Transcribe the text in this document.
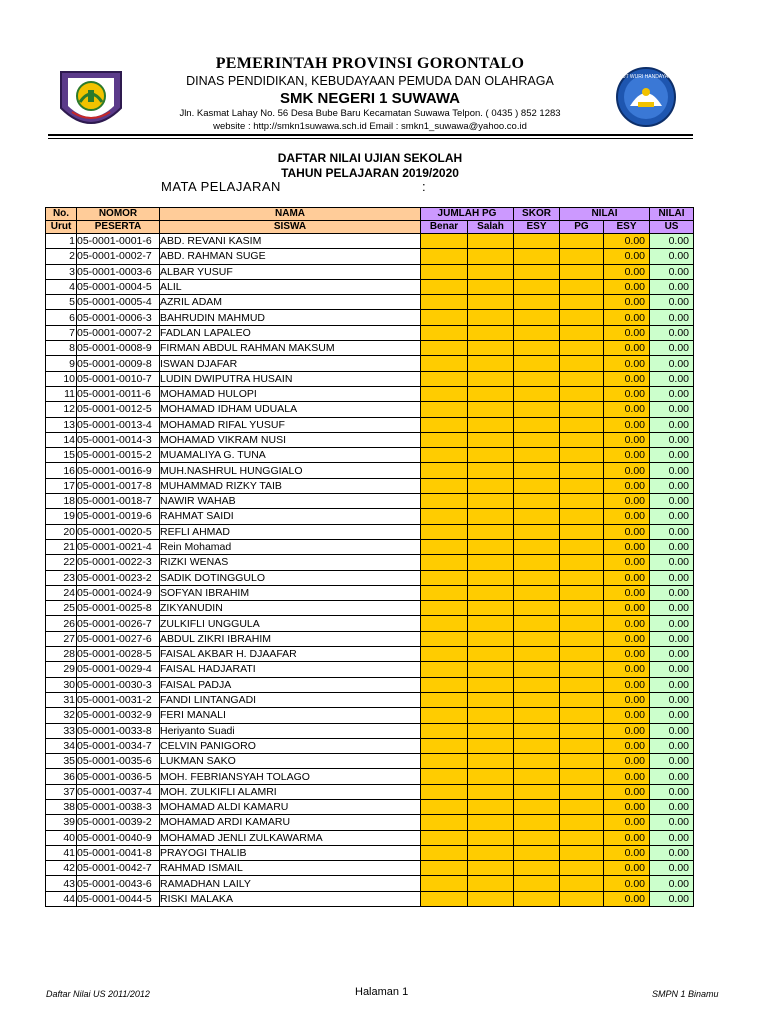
TUT WURI HANDAYANI
PEMERINTAH PROVINSI GORONTALO
DINAS PENDIDIKAN, KEBUDAYAAN PEMUDA DAN OLAHRAGA
SMK NEGERI 1 SUWAWA
Jln. Kasmat Lahay No. 56 Desa Bube Baru Kecamatan Suwawa Telpon. ( 0435 ) 852 1283
website : http://smkn1suwawa.sch.id Email : smkn1_suwawa@yahoo.co.id
DAFTAR NILAI UJIAN SEKOLAH
TAHUN PELAJARAN 2019/2020
MATA PELAJARAN	:
No.	NOMOR	NAMA	JUMLAH PG		SKOR	NILAI		NILAI
Urut	PESERTA	SISWA	Benar	Salah	ESY	PG	ESY	US
1	05-0001-0001-6	ABD. REVANI KASIM					0.00	0.00
2	05-0001-0002-7	ABD. RAHMAN SUGE					0.00	0.00
3	05-0001-0003-6	ALBAR YUSUF					0.00	0.00
4	05-0001-0004-5	ALIL					0.00	0.00
5	05-0001-0005-4	AZRIL ADAM					0.00	0.00
6	05-0001-0006-3	BAHRUDIN MAHMUD					0.00	0.00
7	05-0001-0007-2	FADLAN LAPALEO					0.00	0.00
8	05-0001-0008-9	FIRMAN ABDUL RAHMAN MAKSUM					0.00	0.00
9	05-0001-0009-8	ISWAN DJAFAR					0.00	0.00
10	05-0001-0010-7	LUDIN DWIPUTRA HUSAIN					0.00	0.00
11	05-0001-0011-6	MOHAMAD HULOPI					0.00	0.00
12	05-0001-0012-5	MOHAMAD IDHAM UDUALA					0.00	0.00
13	05-0001-0013-4	MOHAMAD RIFAL YUSUF					0.00	0.00
14	05-0001-0014-3	MOHAMAD VIKRAM NUSI					0.00	0.00
15	05-0001-0015-2	MUAMALIYA G. TUNA					0.00	0.00
16	05-0001-0016-9	MUH.NASHRUL HUNGGIALO					0.00	0.00
17	05-0001-0017-8	MUHAMMAD RIZKY TAIB					0.00	0.00
18	05-0001-0018-7	NAWIR WAHAB					0.00	0.00
19	05-0001-0019-6	RAHMAT SAIDI					0.00	0.00
20	05-0001-0020-5	REFLI AHMAD					0.00	0.00
21	05-0001-0021-4	Rein Mohamad					0.00	0.00
22	05-0001-0022-3	RIZKI WENAS					0.00	0.00
23	05-0001-0023-2	SADIK DOTINGGULO					0.00	0.00
24	05-0001-0024-9	SOFYAN IBRAHIM					0.00	0.00
25	05-0001-0025-8	ZIKYANUDIN					0.00	0.00
26	05-0001-0026-7	ZULKIFLI UNGGULA					0.00	0.00
27	05-0001-0027-6	ABDUL ZIKRI IBRAHIM					0.00	0.00
28	05-0001-0028-5	FAISAL AKBAR H. DJAAFAR					0.00	0.00
29	05-0001-0029-4	FAISAL HADJARATI					0.00	0.00
30	05-0001-0030-3	FAISAL PADJA					0.00	0.00
31	05-0001-0031-2	FANDI LINTANGADI					0.00	0.00
32	05-0001-0032-9	FERI MANALI					0.00	0.00
33	05-0001-0033-8	Heriyanto Suadi					0.00	0.00
34	05-0001-0034-7	CELVIN PANIGORO					0.00	0.00
35	05-0001-0035-6	LUKMAN SAKO					0.00	0.00
36	05-0001-0036-5	MOH. FEBRIANSYAH TOLAGO					0.00	0.00
37	05-0001-0037-4	MOH. ZULKIFLI ALAMRI					0.00	0.00
38	05-0001-0038-3	MOHAMAD ALDI KAMARU					0.00	0.00
39	05-0001-0039-2	MOHAMAD ARDI KAMARU					0.00	0.00
40	05-0001-0040-9	MOHAMAD JENLI ZULKAWARMA					0.00	0.00
41	05-0001-0041-8	PRAYOGI THALIB					0.00	0.00
42	05-0001-0042-7	RAHMAD ISMAIL					0.00	0.00
43	05-0001-0043-6	RAMADHAN LAILY					0.00	0.00
44	05-0001-0044-5	RISKI MALAKA					0.00	0.00
Daftar Nilai US 2011/2012	Halaman 1	SMPN 1 Binamu
